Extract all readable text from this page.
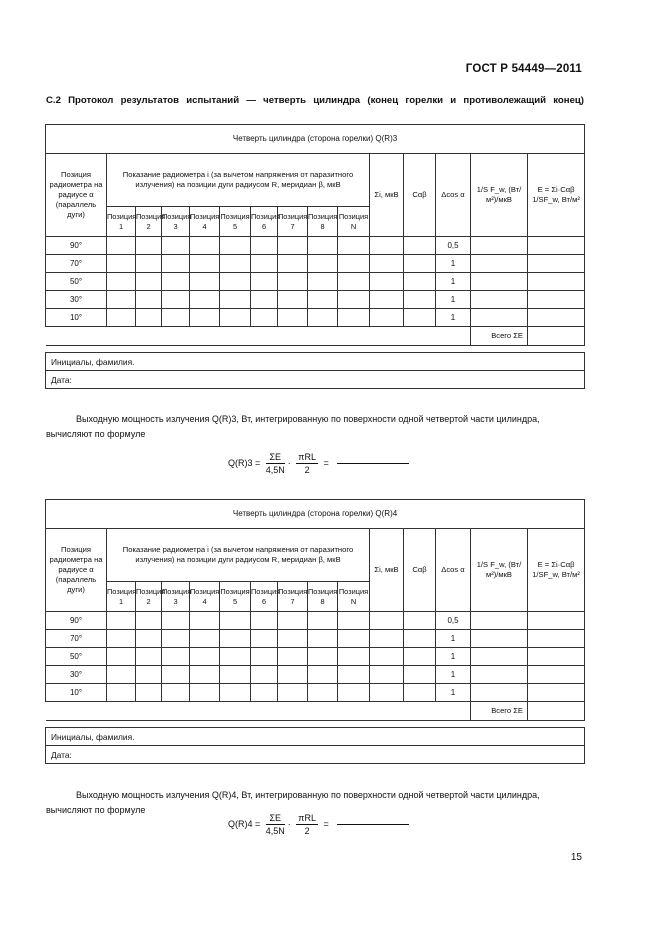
ГОСТ Р 54449—2011
С.2 Протокол результатов испытаний — четверть цилиндра (конец горелки и противолежащий конец)
Четверть цилиндра (сторона горелки) Q(R)3														
Позиция радиометра на радиусе α (параллель дуги)	Показание радиометра i (за вычетом напряжения от паразитного излучения) на позиции дуги радиусом R, меридиан β, мкВ									Σi, мкВ	Cαβ	Δcos α	1/S F_w, (Вт/м²)/мкВ	E = Σi·Cαβ 1/SF_w, Вт/м²
	Позиция 1	Позиция 2	Позиция 3	Позиция 4	Позиция 5	Позиция 6	Позиция 7	Позиция 8	Позиция N					
90°												0,5		
70°												1		
50°												1		
30°												1		
10°												1		
													Всего ΣE	

Инициалы, фамилия.														
Дата:														
Выходную мощность излучения Q(R)3, Вт, интегрированную по поверхности одной четвертой части цилиндра, вычисляют по формуле
$Q(R)3 = \frac{\Sigma E}{4,5N} \cdot \frac{\text{πRL}}{2}$ =
Четверть цилиндра (сторона горелки) Q(R)4														
Позиция радиометра на радиусе α (параллель дуги)	Показание радиометра i (за вычетом напряжения от паразитного излучения) на позиции дуги радиусом R, меридиан β, мкВ									Σi, мкВ	Cαβ	Δcos α	1/S F_w, (Вт/м²)/мкВ	E = Σi·Cαβ 1/SF_w, Вт/м²
	Позиция 1	Позиция 2	Позиция 3	Позиция 4	Позиция 5	Позиция 6	Позиция 7	Позиция 8	Позиция N					
90°												0,5		
70°												1		
50°												1		
30°												1		
10°												1		
													Всего ΣE	

Инициалы, фамилия.														
Дата:														
Выходную мощность излучения Q(R)4, Вт, интегрированную по поверхности одной четвертой части цилиндра, вычисляют по формуле
$Q(R)4 = \frac{\Sigma E}{4,5N} \cdot \frac{\text{πRL}}{2}$ =
15
